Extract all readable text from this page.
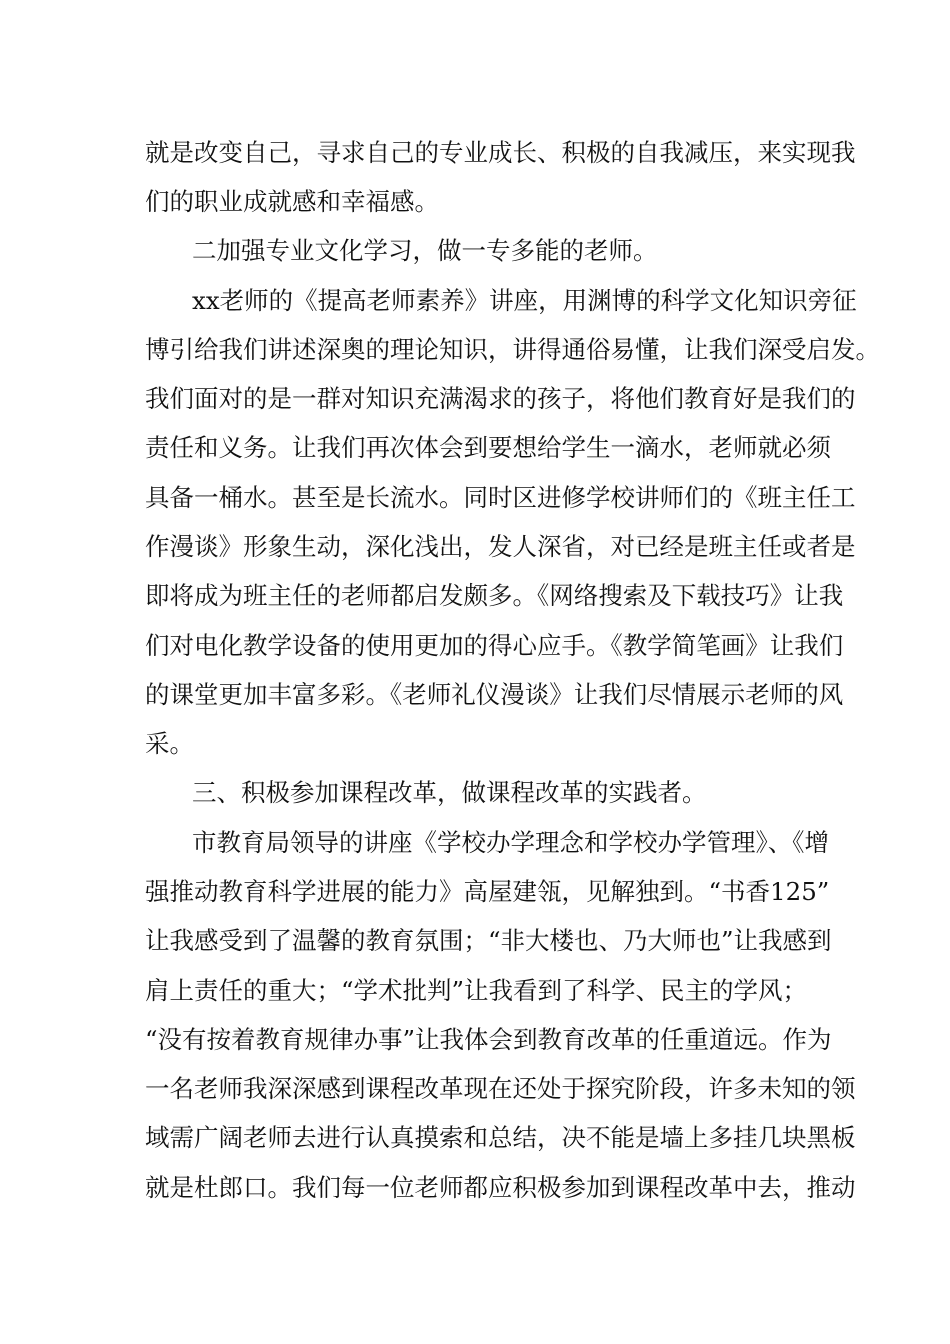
就是改变自己，寻求自己的专业成长、积极的自我减压，来实现我
们的职业成就感和幸福感。
二加强专业文化学习，做一专多能的老师。
xx老师的《提高老师素养》讲座，用渊博的科学文化知识旁征
博引给我们讲述深奥的理论知识，讲得通俗易懂，让我们深受启发。
我们面对的是一群对知识充满渴求的孩子，将他们教育好是我们的
责任和义务。让我们再次体会到要想给学生一滴水，老师就必须
具备一桶水。甚至是长流水。同时区进修学校讲师们的《班主任工
作漫谈》形象生动，深化浅出，发人深省，对已经是班主任或者是
即将成为班主任的老师都启发颇多。《网络搜索及下载技巧》让我
们对电化教学设备的使用更加的得心应手。《教学简笔画》让我们
的课堂更加丰富多彩。《老师礼仪漫谈》让我们尽情展示老师的风
采。
三、积极参加课程改革，做课程改革的实践者。
市教育局领导的讲座《学校办学理念和学校办学管理》、《增
强推动教育科学进展的能力》高屋建瓴，见解独到。“书香125”
让我感受到了温馨的教育氛围；“非大楼也、乃大师也”让我感到
肩上责任的重大；“学术批判”让我看到了科学、民主的学风；
“没有按着教育规律办事”让我体会到教育改革的任重道远。作为
一名老师我深深感到课程改革现在还处于探究阶段，许多未知的领
域需广阔老师去进行认真摸索和总结，决不能是墙上多挂几块黑板
就是杜郎口。我们每一位老师都应积极参加到课程改革中去，推动
